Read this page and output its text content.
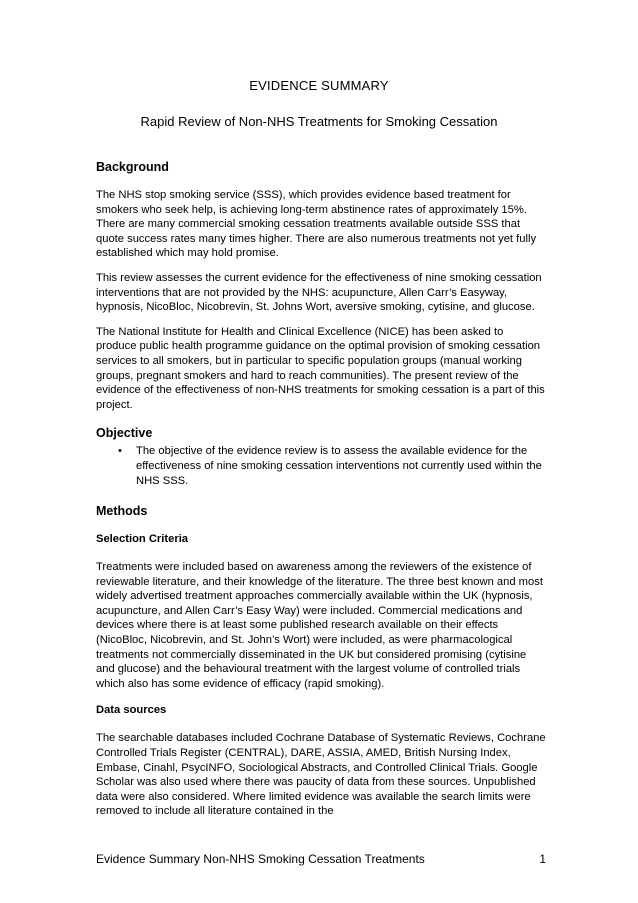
EVIDENCE SUMMARY
Rapid Review of Non-NHS Treatments for Smoking Cessation
Background

The NHS stop smoking service (SSS), which provides evidence based treatment for smokers who seek help, is achieving long-term abstinence rates of approximately 15%. There are many commercial smoking cessation treatments available outside SSS that quote success rates many times higher. There are also numerous treatments not yet fully established which may hold promise.

This review assesses the current evidence for the effectiveness of nine smoking cessation interventions that are not provided by the NHS: acupuncture, Allen Carr’s Easyway, hypnosis, NicoBloc, Nicobrevin, St. Johns Wort, aversive smoking, cytisine, and glucose.

The National Institute for Health and Clinical Excellence (NICE) has been asked to produce public health programme guidance on the optimal provision of smoking cessation services to all smokers, but in particular to specific population groups (manual working groups, pregnant smokers and hard to reach communities). The present review of the evidence of the effectiveness of non-NHS treatments for smoking cessation is a part of this project.

Objective
• The objective of the evidence review is to assess the available evidence for the effectiveness of nine smoking cessation interventions not currently used within the NHS SSS.
Methods
Selection Criteria

Treatments were included based on awareness among the reviewers of the existence of reviewable literature, and their knowledge of the literature. The three best known and most widely advertised treatment approaches commercially available within the UK (hypnosis, acupuncture, and Allen Carr’s Easy Way) were included. Commercial medications and devices where there is at least some published research available on their effects (NicoBloc, Nicobrevin, and St. John’s Wort) were included, as were pharmacological treatments not commercially disseminated in the UK but considered promising (cytisine and glucose) and the behavioural treatment with the largest volume of controlled trials which also has some evidence of efficacy (rapid smoking).

Data sources

The searchable databases included Cochrane Database of Systematic Reviews, Cochrane Controlled Trials Register (CENTRAL), DARE, ASSIA, AMED, British Nursing Index, Embase, Cinahl, PsycINFO, Sociological Abstracts, and Controlled Clinical Trials. Google Scholar was also used where there was paucity of data from these sources. Unpublished data were also considered. Where limited evidence was available the search limits were removed to include all literature contained in the

Evidence Summary Non-NHS Smoking Cessation Treatments	1
